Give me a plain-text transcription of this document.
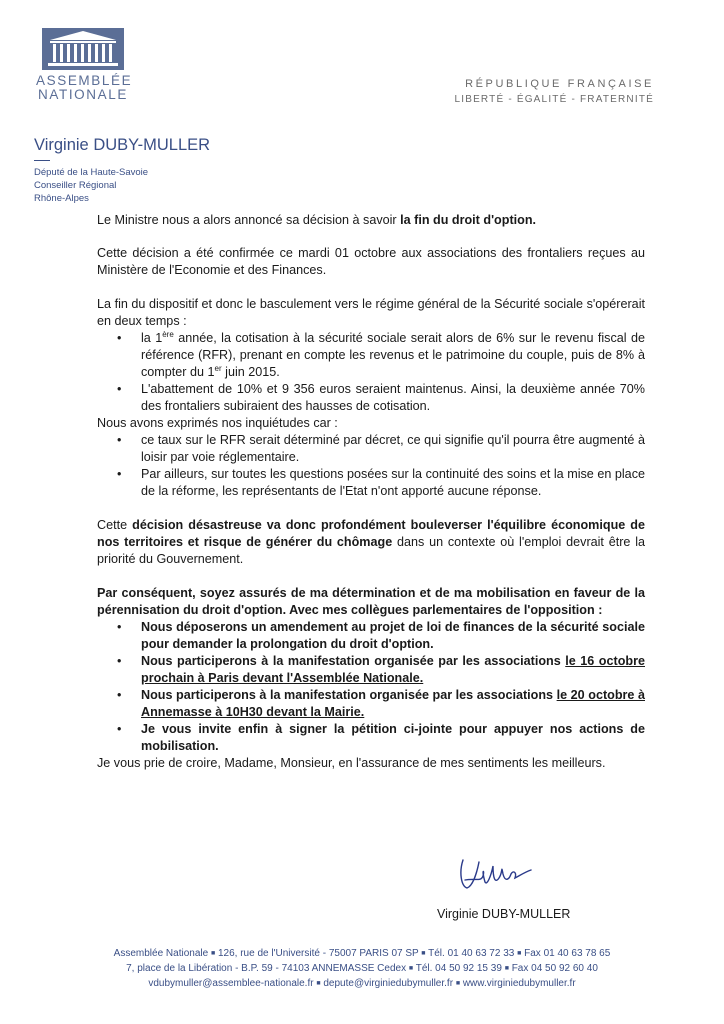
ASSEMBLÉE
NATIONALE
RÉPUBLIQUE FRANÇAISE
LIBERTÉ - ÉGALITÉ - FRATERNITÉ
Virginie DUBY-MULLER
Député de la Haute-Savoie
Conseiller Régional
Rhône-Alpes

Le Ministre nous a alors annoncé sa décision à savoir la fin du droit d'option.

Cette décision a été confirmée ce mardi 01 octobre aux associations des frontaliers reçues au Ministère de l'Economie et des Finances.

La fin du dispositif et donc le basculement vers le régime général de la Sécurité sociale s'opérerait en deux temps :

• la 1ère année, la cotisation à la sécurité sociale serait alors de 6% sur le revenu fiscal de référence (RFR), prenant en compte les revenus et le patrimoine du couple, puis de 8% à compter du 1er juin 2015.
• L'abattement de 10% et 9 356 euros seraient maintenus. Ainsi, la deuxième année 70% des frontaliers subiraient des hausses de cotisation.

Nous avons exprimés nos inquiétudes car :

• ce taux sur le RFR serait déterminé par décret, ce qui signifie qu'il pourra être augmenté à loisir par voie réglementaire.
• Par ailleurs, sur toutes les questions posées sur la continuité des soins et la mise en place de la réforme, les représentants de l'Etat n'ont apporté aucune réponse.

Cette décision désastreuse va donc profondément bouleverser l'équilibre économique de nos territoires et risque de générer du chômage dans un contexte où l'emploi devrait être la priorité du Gouvernement.

Par conséquent, soyez assurés de ma détermination et de ma mobilisation en faveur de la pérennisation du droit d'option. Avec mes collègues parlementaires de l'opposition :

• Nous déposerons un amendement au projet de loi de finances de la sécurité sociale pour demander la prolongation du droit d'option.
• Nous participerons à la manifestation organisée par les associations le 16 octobre prochain à Paris devant l'Assemblée Nationale.
• Nous participerons à la manifestation organisée par les associations le 20 octobre à Annemasse à 10H30 devant la Mairie.
• Je vous invite enfin à signer la pétition ci-jointe pour appuyer nos actions de mobilisation.

Je vous prie de croire, Madame, Monsieur, en l'assurance de mes sentiments les meilleurs.

Virginie DUBY-MULLER
Assemblée Nationale ■ 126, rue de l'Université - 75007 PARIS 07 SP ■ Tél. 01 40 63 72 33 ■ Fax 01 40 63 78 65
7, place de la Libération - B.P. 59 - 74103 ANNEMASSE Cedex ■ Tél. 04 50 92 15 39 ■ Fax 04 50 92 60 40
vdubymuller@assemblee-nationale.fr ■ depute@virginiedubymuller.fr ■ www.virginiedubymuller.fr
